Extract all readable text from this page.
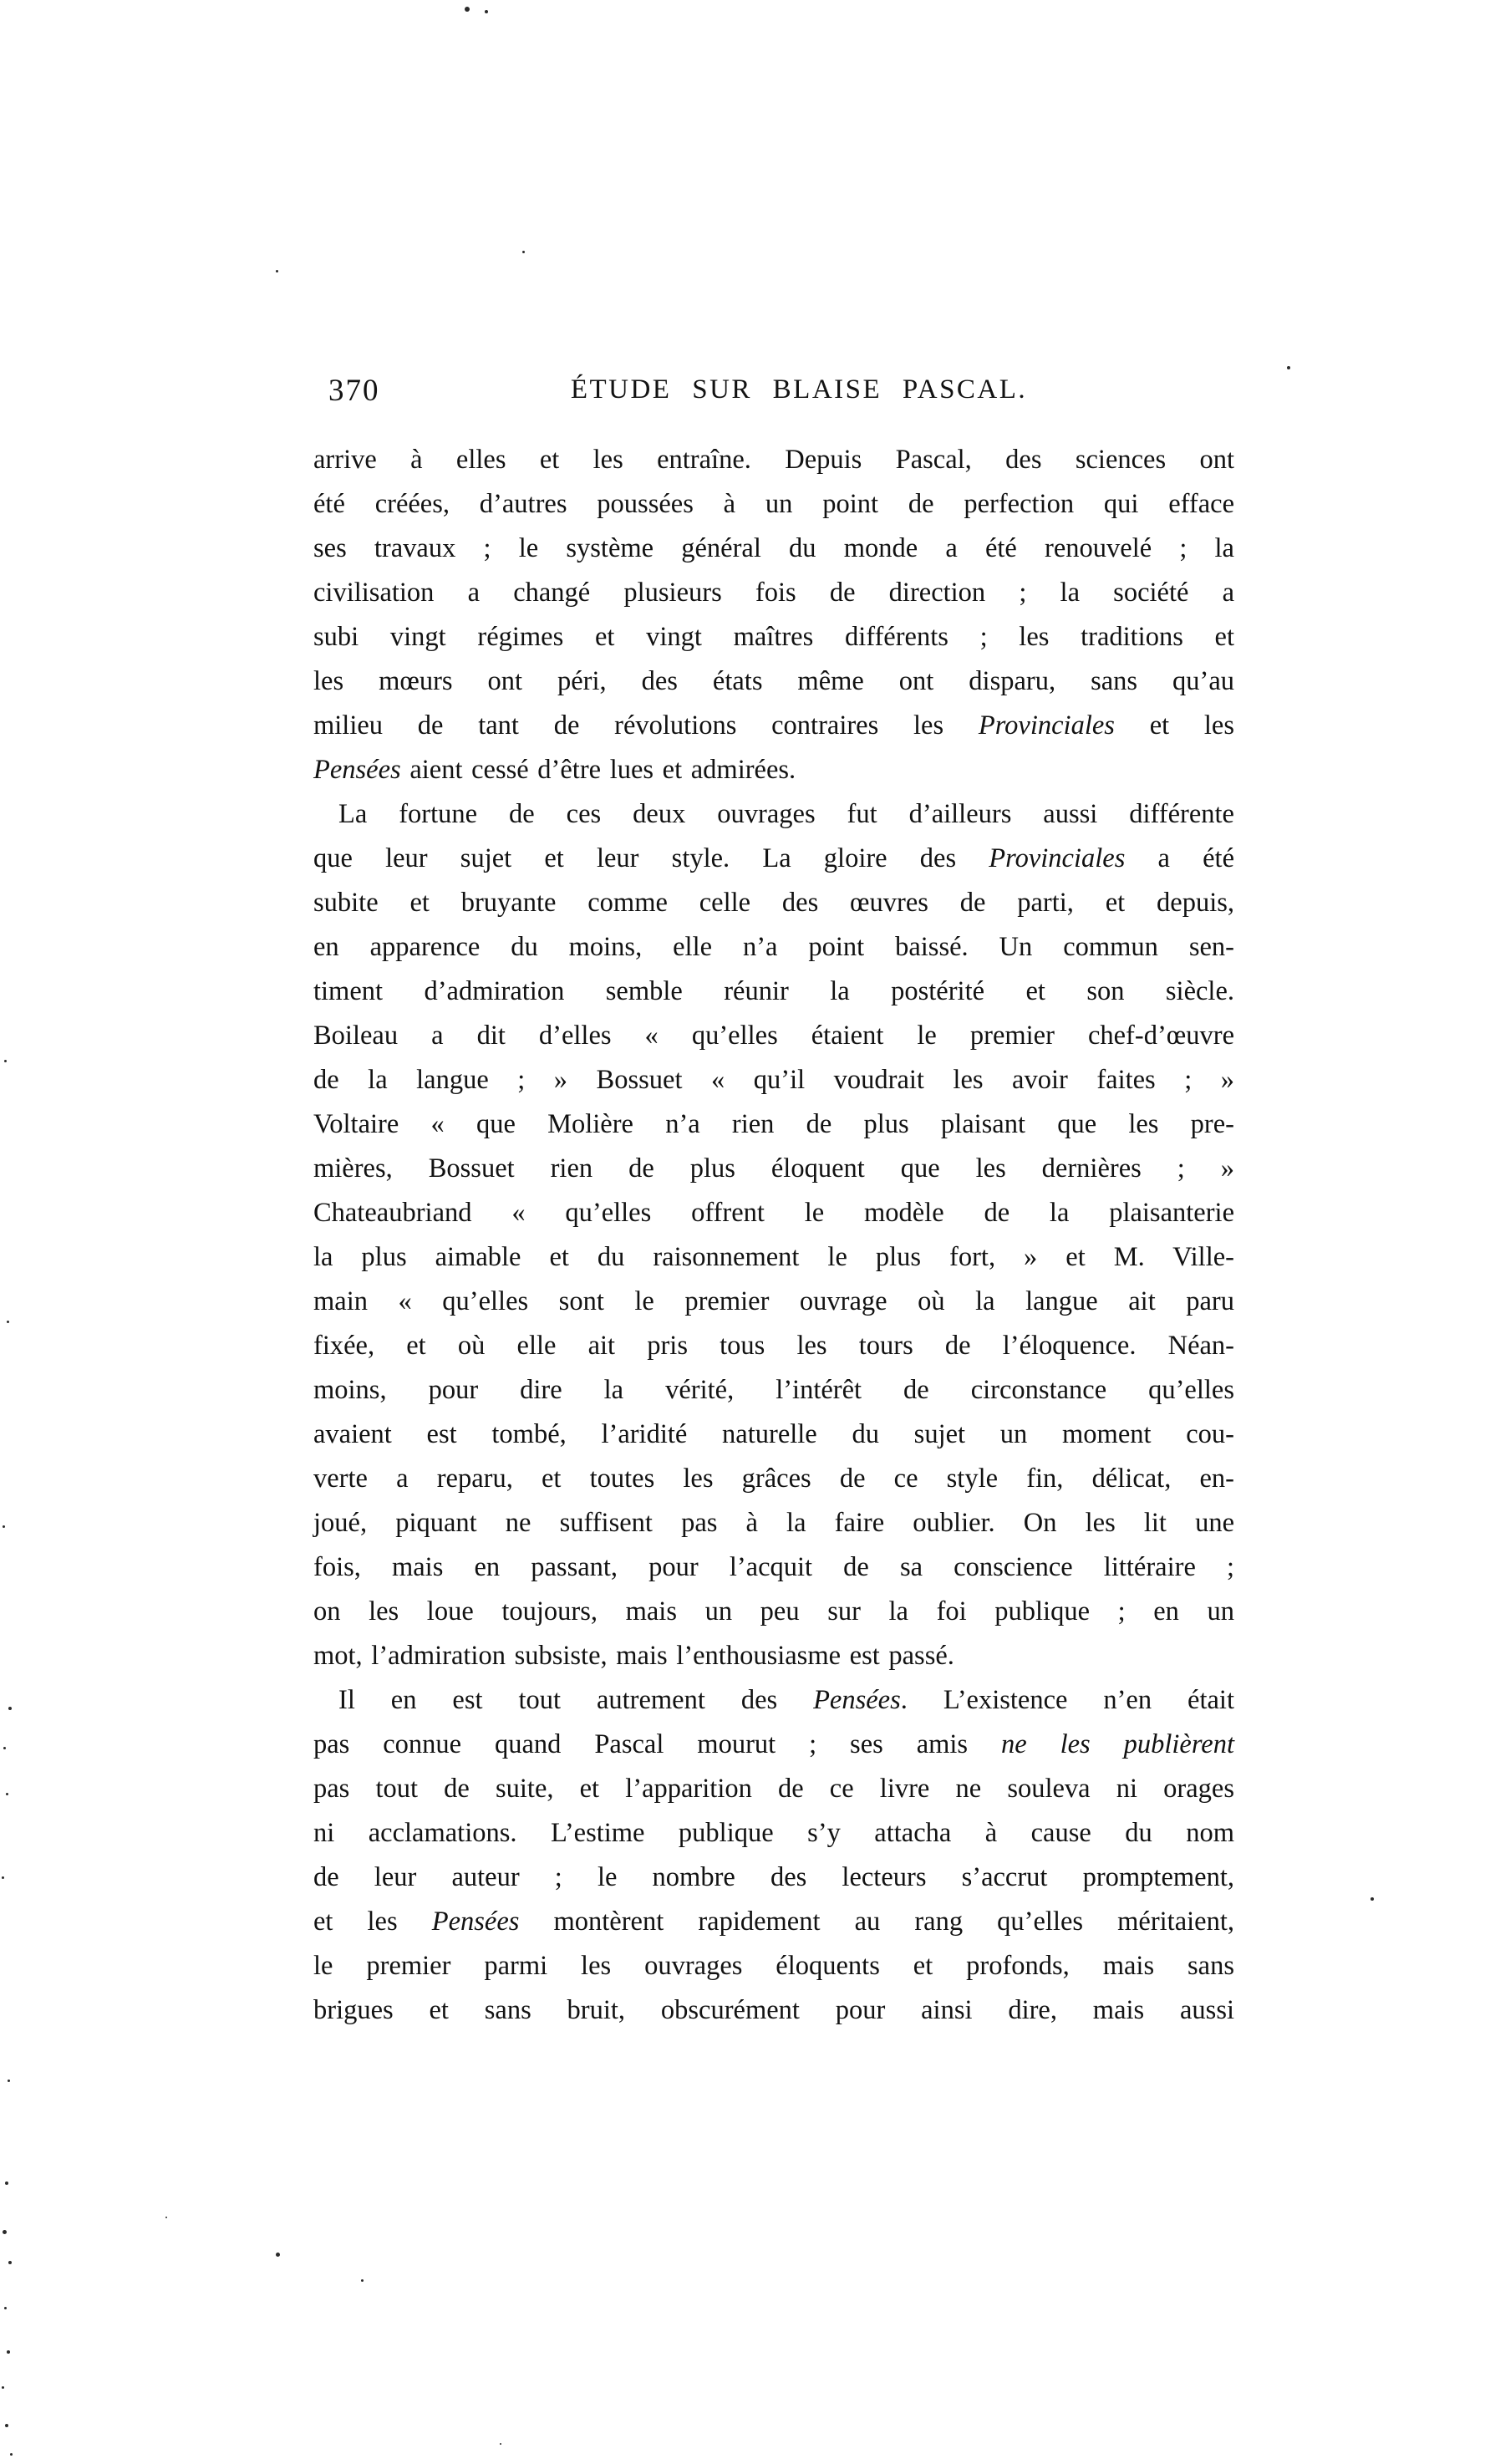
370	ÉTUDE SUR BLAISE PASCAL.
arrive à elles et les entraîne. Depuis Pascal, des sciences ont
été créées, d’autres poussées à un point de perfection qui efface
ses travaux ; le système général du monde a été renouvelé ; la
civilisation a changé plusieurs fois de direction ; la société a
subi vingt régimes et vingt maîtres différents ; les traditions et
les mœurs ont péri, des états même ont disparu, sans qu’au
milieu de tant de révolutions contraires les Provinciales et les
Pensées aient cessé d’être lues et admirées.
La fortune de ces deux ouvrages fut d’ailleurs aussi différente
que leur sujet et leur style. La gloire des Provinciales a été
subite et bruyante comme celle des œuvres de parti, et depuis,
en apparence du moins, elle n’a point baissé. Un commun sen-
timent d’admiration semble réunir la postérité et son siècle.
Boileau a dit d’elles « qu’elles étaient le premier chef-d’œuvre
de la langue ; » Bossuet « qu’il voudrait les avoir faites ; »
Voltaire « que Molière n’a rien de plus plaisant que les pre-
mières, Bossuet rien de plus éloquent que les dernières ; »
Chateaubriand « qu’elles offrent le modèle de la plaisanterie
la plus aimable et du raisonnement le plus fort, » et M. Ville-
main « qu’elles sont le premier ouvrage où la langue ait paru
fixée, et où elle ait pris tous les tours de l’éloquence. Néan-
moins, pour dire la vérité, l’intérêt de circonstance qu’elles
avaient est tombé, l’aridité naturelle du sujet un moment cou-
verte a reparu, et toutes les grâces de ce style fin, délicat, en-
joué, piquant ne suffisent pas à la faire oublier. On les lit une
fois, mais en passant, pour l’acquit de sa conscience littéraire ;
on les loue toujours, mais un peu sur la foi publique ; en un
mot, l’admiration subsiste, mais l’enthousiasme est passé.
Il en est tout autrement des Pensées. L’existence n’en était
pas connue quand Pascal mourut ; ses amis ne les publièrent
pas tout de suite, et l’apparition de ce livre ne souleva ni orages
ni acclamations. L’estime publique s’y attacha à cause du nom
de leur auteur ; le nombre des lecteurs s’accrut promptement,
et les Pensées montèrent rapidement au rang qu’elles méritaient,
le premier parmi les ouvrages éloquents et profonds, mais sans
brigues et sans bruit, obscurément pour ainsi dire, mais aussi
